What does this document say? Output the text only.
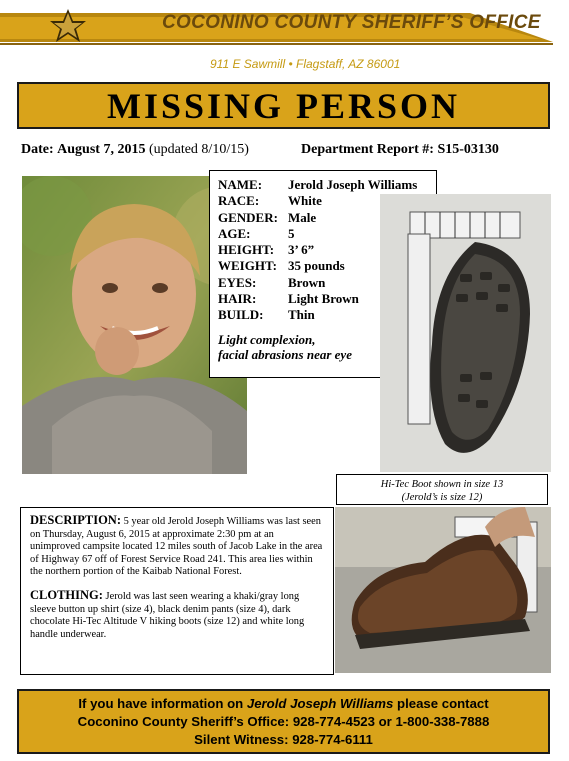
COCONINO COUNTY SHERIFF’S OFFICE
911 E Sawmill • Flagstaff, AZ 86001
MISSING PERSON
Date: August 7, 2015 (updated 8/10/15)	Department Report #: S15-03130
NAME:	Jerold Joseph Williams
RACE:	White
GENDER:	Male
AGE:	5
HEIGHT:	3’ 6”
WEIGHT:	35 pounds
EYES:	Brown
HAIR:	Light Brown
BUILD:	Thin
Light complexion,
facial abrasions near eye
Hi-Tec Boot shown in size 13
(Jerold’s is size 12)

DESCRIPTION: 5 year old Jerold Joseph Williams was last seen on Thursday, August 6, 2015 at approximate 2:30 pm at an unimproved campsite located 12 miles south of Jacob Lake in the area of Highway 67 off of Forest Service Road 241. This area lies within the northern portion of the Kaibab National Forest.

CLOTHING: Jerold was last seen wearing a khaki/gray long sleeve button up shirt (size 4), black denim pants (size 4), dark chocolate Hi-Tec Altitude V hiking boots (size 12) and white long handle underwear.

If you have information on Jerold Joseph Williams please contact
Coconino County Sheriff’s Office: 928-774-4523 or 1-800-338-7888
Silent Witness: 928-774-6111
